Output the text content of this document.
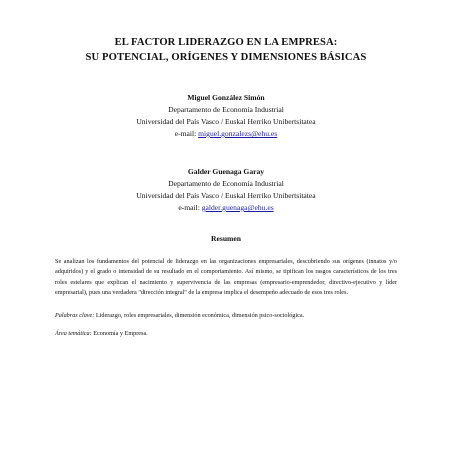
EL FACTOR LIDERAZGO EN LA EMPRESA:
SU POTENCIAL, ORÍGENES Y DIMENSIONES BÁSICAS
Miguel González Simón
Departamento de Economía Industrial
Universidad del País Vasco / Euskal Herriko Unibertsitatea
e-mail: miguel.gonzalezs@ehu.es
Galder Guenaga Garay
Departamento de Economía Industrial
Universidad del País Vasco / Euskal Herriko Unibertsitatea
e-mail: galder.guenaga@ehu.es
Resumen
Se analizan los fundamentos del potencial de liderazgo en las organizaciones empresariales, descubriendo sus orígenes (innatos y/o adquiridos) y el grado o intensidad de su resultado en el comportamiento. Así mismo, se tipifican los rasgos característicos de los tres roles estelares que explican el nacimiento y supervivencia de las empresas (empresario-emprendedor, directivo-ejecutivo y líder empresarial), pues una verdadera "dirección integral" de la empresa implica el desempeño adecuado de esos tres roles.
Palabras clave: Liderazgo, roles empresariales, dimensión económica, dimensión psico-sociológica.
Área temática: Economía y Empresa.
